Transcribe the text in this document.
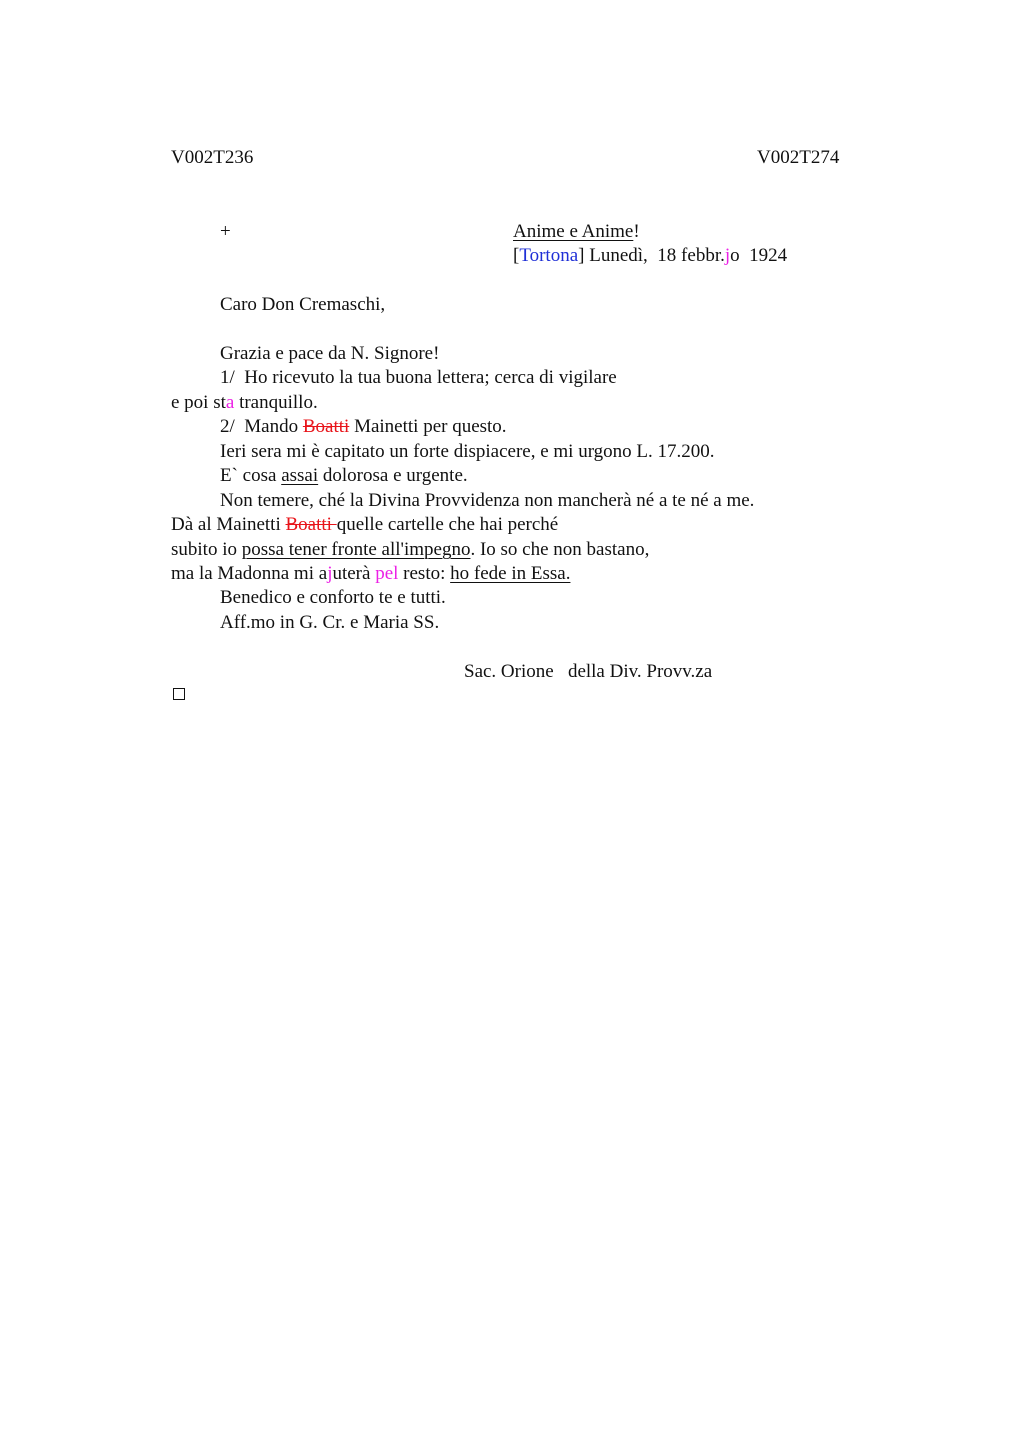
V002T236	V002T274
+	Anime e Anime!
[Tortona] Lunedì,  18 febbr.jo  1924
Caro Don Cremaschi,
Grazia e pace da N. Signore!
1/  Ho ricevuto la tua buona lettera; cerca di vigilare
e poi sta tranquillo.
2/  Mando Boatti Mainetti per questo.
Ieri sera mi è capitato un forte dispiacere, e mi urgono L. 17.200.
E` cosa assai dolorosa e urgente.
Non temere, ché la Divina Provvidenza non mancherà né a te né a me.
Dà al Mainetti Boatti quelle cartelle che hai perché
subito io possa tener fronte all'impegno. Io so che non bastano,
ma la Madonna mi ajuterà pel resto: ho fede in Essa.
Benedico e conforto te e tutti.
Aff.mo in G. Cr. e Maria SS.
Sac. Orione   della Div. Provv.za
